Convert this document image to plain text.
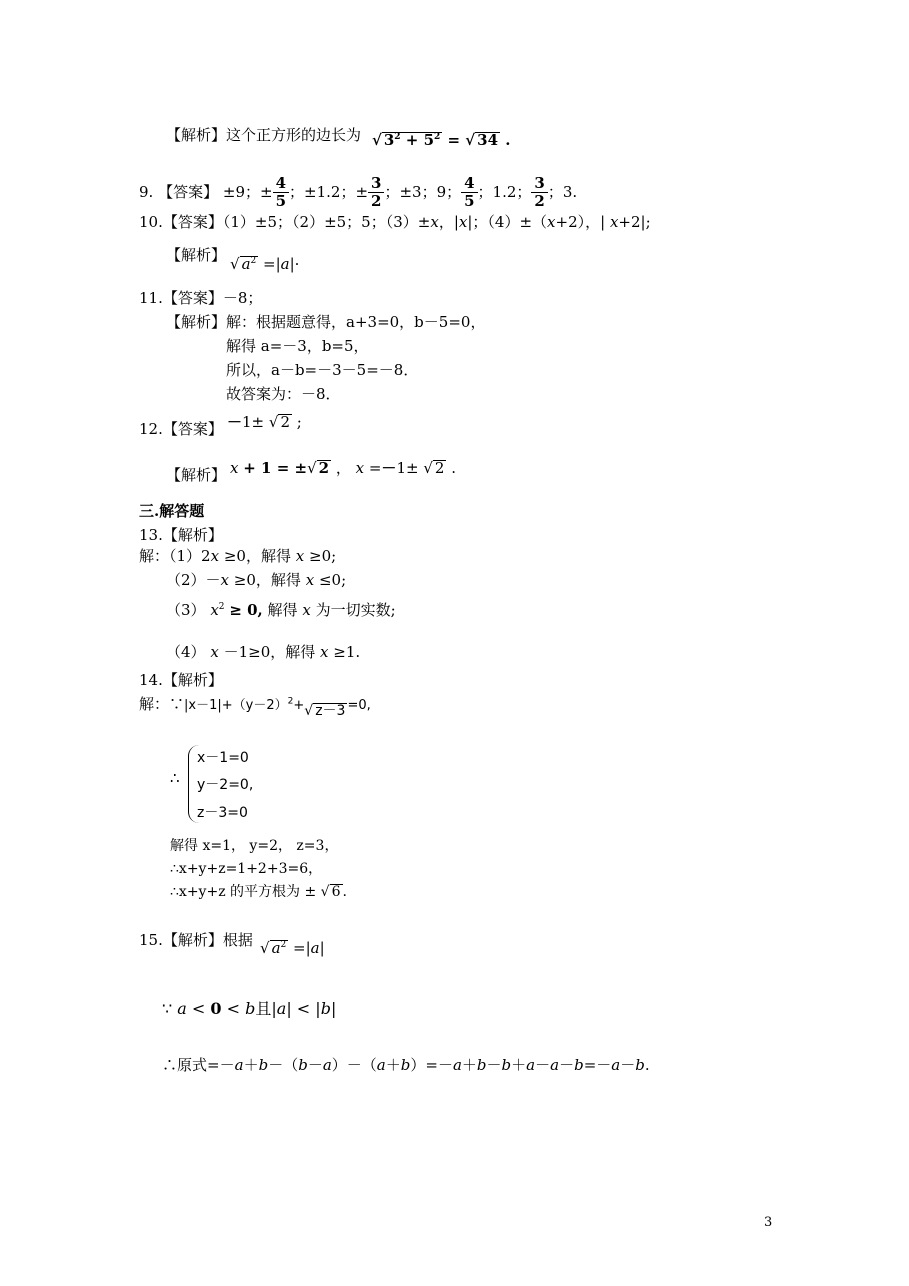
【解析】这个正方形的边长为 √ $3^2 + 5^2$ = √ 34 .
9. 【答案】 ±9；± $\frac{4}{5}$ ；±1.2；± $\frac{3}{2}$ ；±3；9； $\frac{4}{5}$ ；1.2； $\frac{3}{2}$ ；3.
10.【答案】（1）±5；（2）±5；5；（3）±x，|x|；（4）±（x+2），| x+2|;
【解析】 √ $a^2 =|a|\cdot$
11.【答案】－8；
【解析】解：根据题意得，a+3=0，b－5=0，
解得 a=－3，b=5，
所以，a－b=－3－5=－8．
故答案为：－8．
12.【答案】 －1± √ 2 ;
【解析】 x + 1 = ±√ 2 ， x =－1± √ 2 .
三.解答题
13.【解析】
解：（1）2x ≥0，解得 x ≥0;
（2）－x ≥0，解得 x ≤0;
（3） $x^2 \ge 0$, 解得 x 为一切实数;
（4） x －1≥0，解得 x ≥1.
14.【解析】
解：$\because|x-1|+(y-2)^2+√$ z－3 =0,
∴
x－1=0
y－2=0,
z－3=0
解得 x=1， y=2， z=3，
∴x+y+z=1+2+3=6，
∴x+y+z 的平方根为 ± √ 6 .
15.【解析】根据 √ $a^2 =|a|$
∵ a < 0 < b且|a| < |b|
∴原式=－a＋b－（b－a）－（a＋b）=－a＋b－b＋a－a－b=－a－b.
3
